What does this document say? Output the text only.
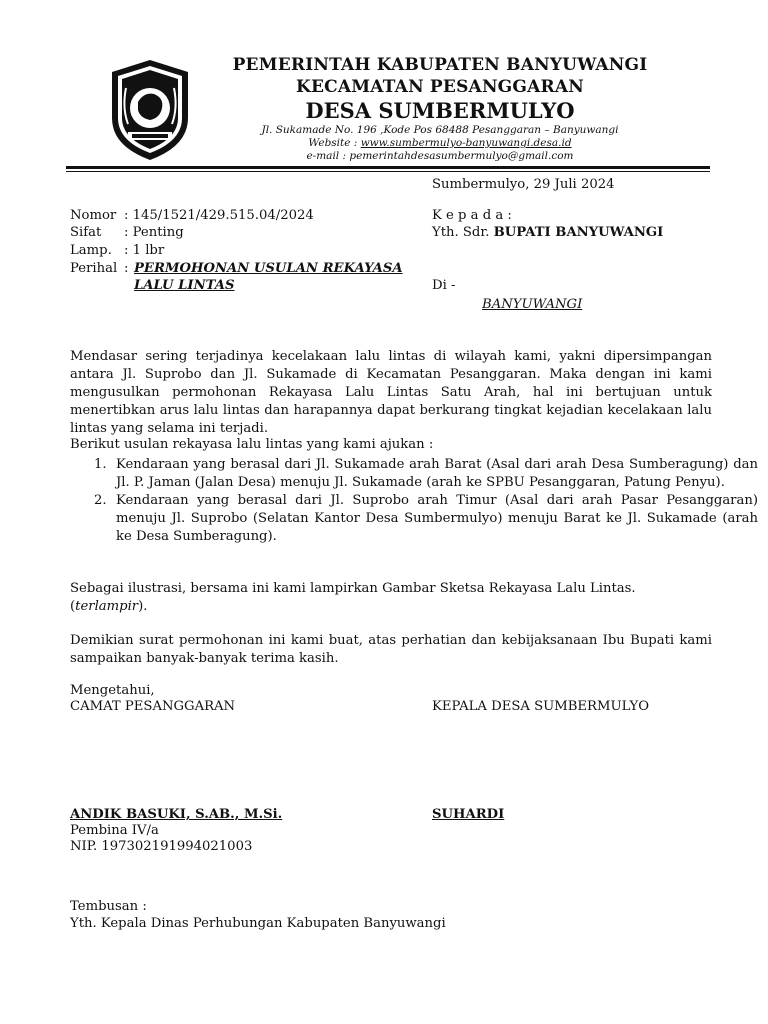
PEMERINTAH KABUPATEN BANYUWANGI
KECAMATAN PESANGGARAN
DESA SUMBERMULYO
Jl. Sukamade No. 196 ,Kode Pos 68488 Pesanggaran – Banyuwangi
Website : www.sumbermulyo-banyuwangi.desa.id
e-mail : pemerintahdesasumbermulyo@gmail.com
Sumbermulyo, 29 Juli 2024
Nomor : 145/1521/429.515.04/2024
Sifat : Penting
Lamp. : 1 lbr
Perihal : PERMOHONAN USULAN REKAYASA
LALU LINTAS
K e p a d a :
Yth. Sdr. BUPATI BANYUWANGI
Di -
BANYUWANGI

Mendasar sering terjadinya kecelakaan lalu lintas di wilayah kami, yakni dipersimpangan antara Jl. Suprobo dan Jl. Sukamade di Kecamatan Pesanggaran. Maka dengan ini kami mengusulkan permohonan Rekayasa Lalu Lintas Satu Arah, hal ini bertujuan untuk menertibkan arus lalu lintas dan harapannya dapat berkurang tingkat kejadian kecelakaan lalu lintas yang selama ini terjadi.

Berikut usulan rekayasa lalu lintas yang kami ajukan :
1. Kendaraan yang berasal dari Jl. Sukamade arah Barat (Asal dari arah Desa Sumberagung) dan Jl. P. Jaman (Jalan Desa) menuju Jl. Sukamade (arah ke SPBU Pesanggaran, Patung Penyu).
2. Kendaraan yang berasal dari Jl. Suprobo arah Timur (Asal dari arah Pasar Pesanggaran) menuju Jl. Suprobo (Selatan Kantor Desa Sumbermulyo) menuju Barat ke Jl. Sukamade (arah ke Desa Sumberagung).

Sebagai ilustrasi, bersama ini kami lampirkan Gambar Sketsa Rekayasa Lalu Lintas.

(terlampir).

Demikian surat permohonan ini kami buat, atas perhatian dan kebijaksanaan Ibu Bupati kami sampaikan banyak-banyak terima kasih.

Mengetahui,
CAMAT PESANGGARAN	KEPALA DESA SUMBERMULYO
ANDIK BASUKI, S.AB., M.Si.
Pembina IV/a
NIP. 197302191994021003
SUHARDI
Tembusan :
Yth. Kepala Dinas Perhubungan Kabupaten Banyuwangi
